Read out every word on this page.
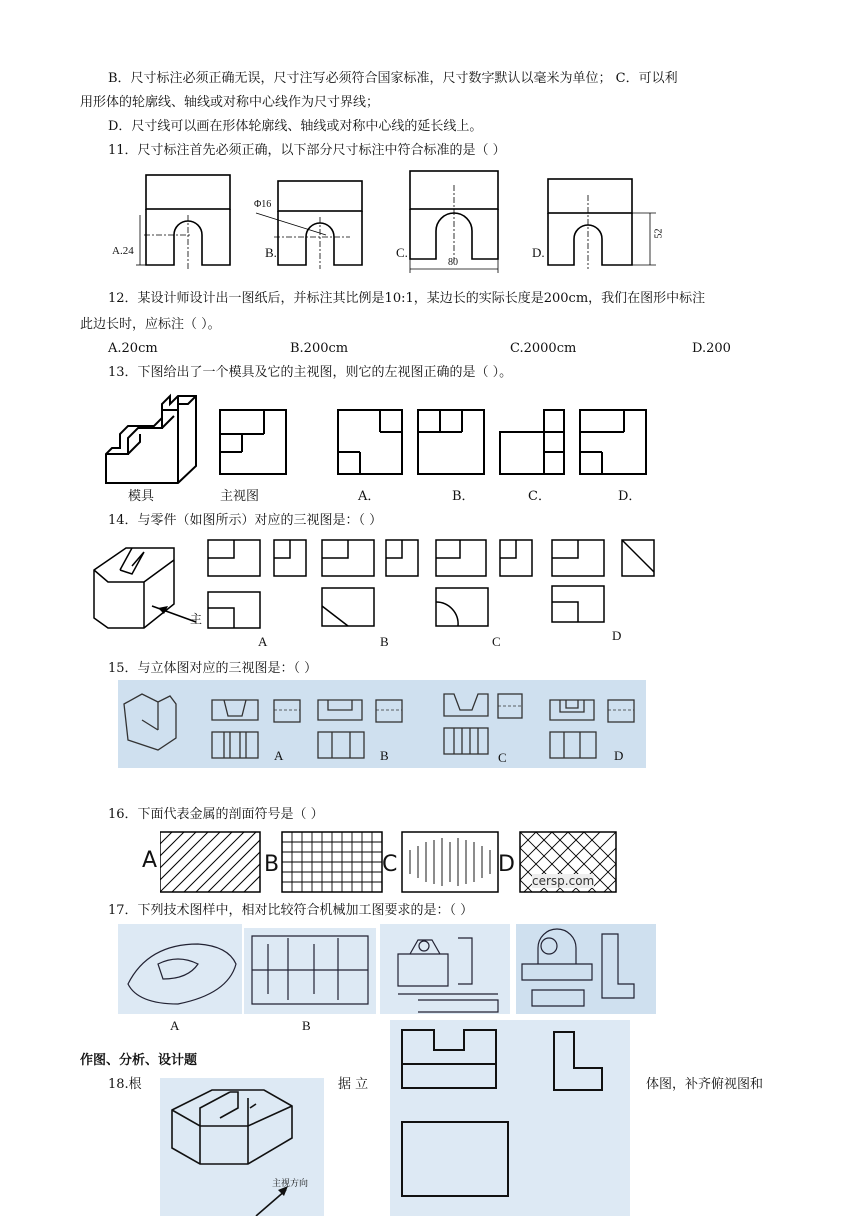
B．尺寸标注必须正确无误，尺寸注写必须符合国家标准，尺寸数字默认以毫米为单位； C．可以利
用形体的轮廓线、轴线或对称中心线作为尺寸界线；
D．尺寸线可以画在形体轮廓线、轴线或对称中心线的延长线上。
11．尺寸标注首先必须正确，以下部分尺寸标注中符合标准的是（ ）
A.24	B.
Φ16
C.
80
D.
52
12．某设计师设计出一图纸后，并标注其比例是10:1，某边长的实际长度是200cm，我们在图形中标注
此边长时，应标注（ ）。
A.20cm	B.200cm	C.2000cm	D.200
13．下图给出了一个模具及它的主视图，则它的左视图正确的是（ ）。
模具	主视图	A．	B．	C．	D．
14．与零件（如图所示）对应的三视图是：（ ）
主
A	B	C	D
15．与立体图对应的三视图是：（ ）
A	B	C	D
16．下面代表金属的剖面符号是（ ）
A	B	C	D
cersp.com
17．下列技术图样中，相对比较符合机械加工图要求的是：（ ）
A	B
作图、分析、设计题
18.根	据 立	体图，补齐俯视图和
主视方向
